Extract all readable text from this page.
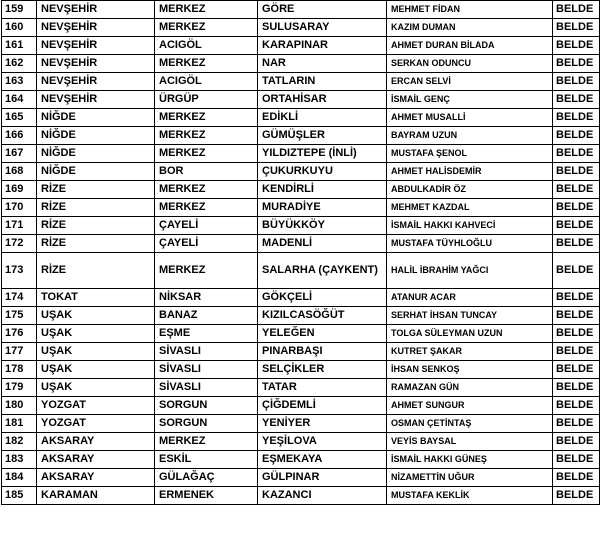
159	NEVŞEHİR	MERKEZ	GÖRE	MEHMET FİDAN	BELDE
160	NEVŞEHİR	MERKEZ	SULUSARAY	KAZIM DUMAN	BELDE
161	NEVŞEHİR	ACIGÖL	KARAPINAR	AHMET DURAN BİLADA	BELDE
162	NEVŞEHİR	MERKEZ	NAR	SERKAN ODUNCU	BELDE
163	NEVŞEHİR	ACIGÖL	TATLARIN	ERCAN SELVİ	BELDE
164	NEVŞEHİR	ÜRGÜP	ORTAHİSAR	İSMAİL GENÇ	BELDE
165	NİĞDE	MERKEZ	EDİKLİ	AHMET MUSALLİ	BELDE
166	NİĞDE	MERKEZ	GÜMÜŞLER	BAYRAM UZUN	BELDE
167	NİĞDE	MERKEZ	YILDIZTEPE (İNLİ)	MUSTAFA ŞENOL	BELDE
168	NİĞDE	BOR	ÇUKURKUYU	AHMET HALİSDEMİR	BELDE
169	RİZE	MERKEZ	KENDİRLİ	ABDULKADİR ÖZ	BELDE
170	RİZE	MERKEZ	MURADİYE	MEHMET KAZDAL	BELDE
171	RİZE	ÇAYELİ	BÜYÜKKÖY	İSMAİL HAKKI KAHVECİ	BELDE
172	RİZE	ÇAYELİ	MADENLİ	MUSTAFA TÜYHLOĞLU	BELDE
173	RİZE	MERKEZ	SALARHA (ÇAYKENT)	HALİL İBRAHİM YAĞCI	BELDE
174	TOKAT	NİKSAR	GÖKÇELİ	ATANUR ACAR	BELDE
175	UŞAK	BANAZ	KIZILCASÖĞÜT	SERHAT İHSAN TUNCAY	BELDE
176	UŞAK	EŞME	YELEĞEN	TOLGA SÜLEYMAN UZUN	BELDE
177	UŞAK	SİVASLI	PINARBAŞI	KUTRET ŞAKAR	BELDE
178	UŞAK	SİVASLI	SELÇİKLER	İHSAN SENKOŞ	BELDE
179	UŞAK	SİVASLI	TATAR	RAMAZAN GÜN	BELDE
180	YOZGAT	SORGUN	ÇİĞDEMLİ	AHMET SUNGUR	BELDE
181	YOZGAT	SORGUN	YENİYER	OSMAN ÇETİNTAŞ	BELDE
182	AKSARAY	MERKEZ	YEŞİLOVA	VEYİS BAYSAL	BELDE
183	AKSARAY	ESKİL	EŞMEKAYA	İSMAİL HAKKI GÜNEŞ	BELDE
184	AKSARAY	GÜLAĞAÇ	GÜLPINAR	NİZAMETTİN UĞUR	BELDE
185	KARAMAN	ERMENEK	KAZANCI	MUSTAFA KEKLİK	BELDE
